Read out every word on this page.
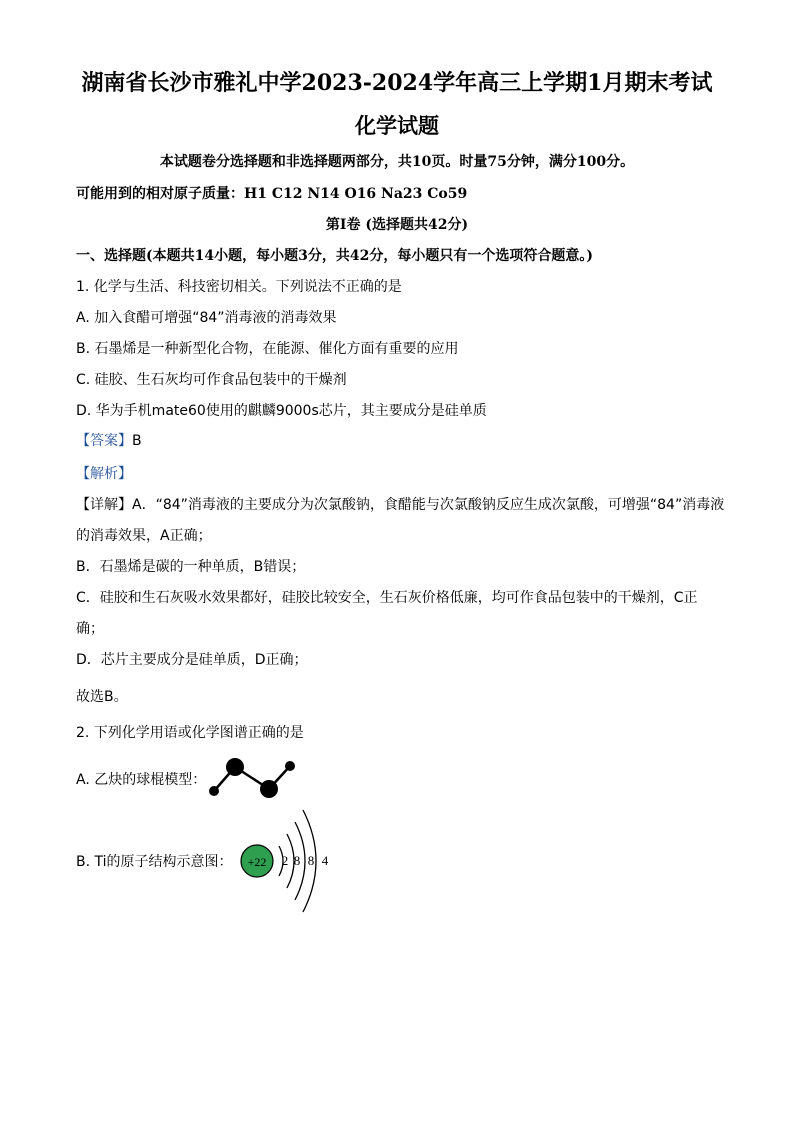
湖南省长沙市雅礼中学2023-2024学年高三上学期1月期末考试
化学试题
本试题卷分选择题和非选择题两部分，共10页。时量75分钟，满分100分。
可能用到的相对原子质量：H1 C12 N14 O16 Na23 Co59
第Ⅰ卷 (选择题共42分)
一、选择题(本题共14小题，每小题3分，共42分，每小题只有一个选项符合题意。)
1. 化学与生活、科技密切相关。下列说法不正确的是
A. 加入食醋可增强“84”消毒液的消毒效果
B. 石墨烯是一种新型化合物，在能源、催化方面有重要的应用
C. 硅胶、生石灰均可作食品包装中的干燥剂
D. 华为手机mate60使用的麒麟9000s芯片，其主要成分是硅单质
【答案】B
【解析】
【详解】A．“84”消毒液的主要成分为次氯酸钠，食醋能与次氯酸钠反应生成次氯酸，可增强“84”消毒液
的消毒效果，A正确；
B．石墨烯是碳的一种单质，B错误；
C．硅胶和生石灰吸水效果都好，硅胶比较安全，生石灰价格低廉，均可作食品包装中的干燥剂，C正
确；
D．芯片主要成分是硅单质，D正确；
故选B。
2. 下列化学用语或化学图谱正确的是
A. 乙炔的球棍模型：
B. Ti的原子结构示意图： +22 2 8 8 4
